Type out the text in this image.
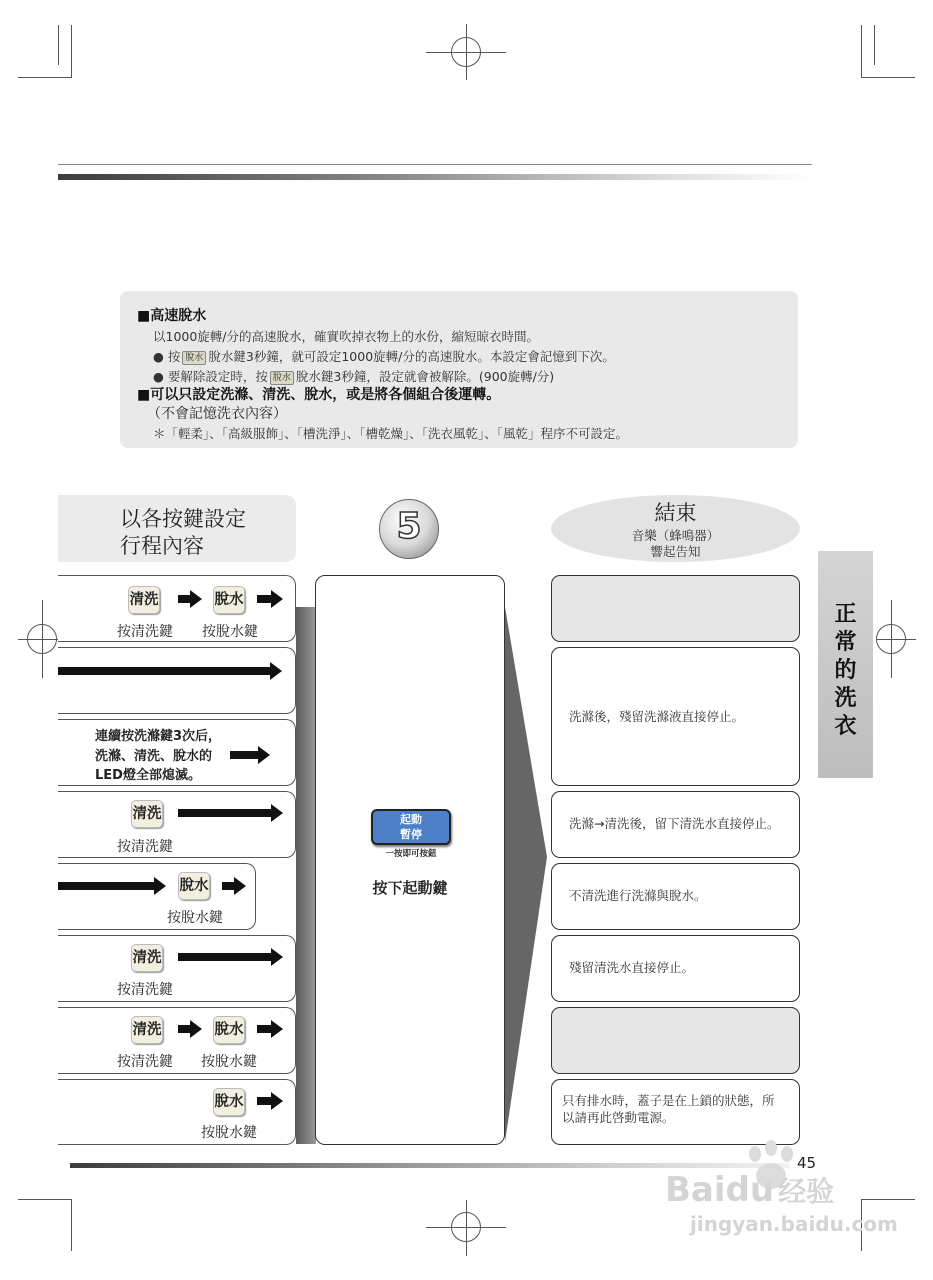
■高速脫水
以1000旋轉/分的高速脫水，確實吹掉衣物上的水份，縮短晾衣時間。
● 按 脫水 脫水鍵3秒鐘，就可設定1000旋轉/分的高速脫水。本設定會記憶到下次。
● 要解除設定時，按 脫水 脫水鍵3秒鐘，設定就會被解除。(900旋轉/分)
■可以只設定洗滌、清洗、脫水，或是將各個組合後運轉。
（不會記憶洗衣內容）
＊「輕柔」、「高級服飾」、「槽洗淨」、「槽乾燥」、「洗衣風乾」、「風乾」程序不可設定。
以各按鍵設定
行程內容	5	結束
音樂（蜂鳴器）
響起告知
清洗	脫水
按清洗鍵 按脫水鍵
連續按洗滌鍵3次后，
洗滌、清洗、脫水的
LED燈全部熄滅。
清洗
按清洗鍵
脫水
按脫水鍵
清洗
按清洗鍵
清洗	脫水
按清洗鍵 按脫水鍵
脫水
按脫水鍵
起動
暫停
一按即可按鈕
按下起動鍵
洗滌後，殘留洗滌液直接停止。
洗滌→清洗後，留下清洗水直接停止。
不清洗進行洗滌與脫水。
殘留清洗水直接停止。
只有排水時，蓋子是在上鎖的狀態，所
以請再此啓動電源。
正
常
的
洗
衣
45
Baidu 经验
jingyan.baidu.com
